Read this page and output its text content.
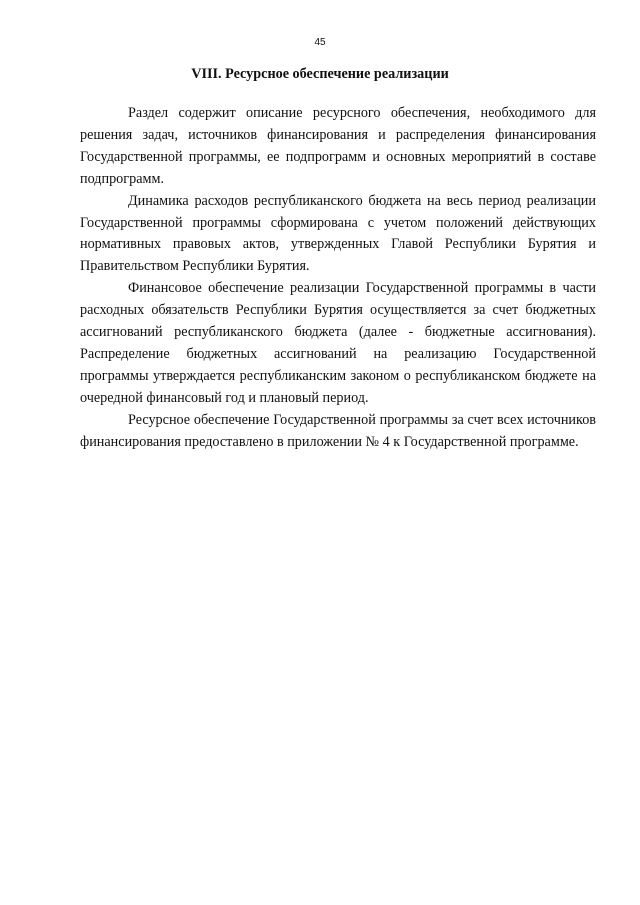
45
VIII. Ресурсное обеспечение реализации

Раздел содержит описание ресурсного обеспечения, необходимого для решения задач, источников финансирования и распределения финансирования Государственной программы, ее подпрограмм и основных мероприятий в составе подпрограмм.

Динамика расходов республиканского бюджета на весь период реализации Государственной программы сформирована с учетом положений действующих нормативных правовых актов, утвержденных Главой Республики Бурятия и Правительством Республики Бурятия.

Финансовое обеспечение реализации Государственной программы в части расходных обязательств Республики Бурятия осуществляется за счет бюджетных ассигнований республиканского бюджета (далее - бюджетные ассигнования). Распределение бюджетных ассигнований на реализацию Государственной программы утверждается республиканским законом о республиканском бюджете на очередной финансовый год и плановый период.

Ресурсное обеспечение Государственной программы за счет всех источников финансирования предоставлено в приложении № 4 к Государственной программе.
